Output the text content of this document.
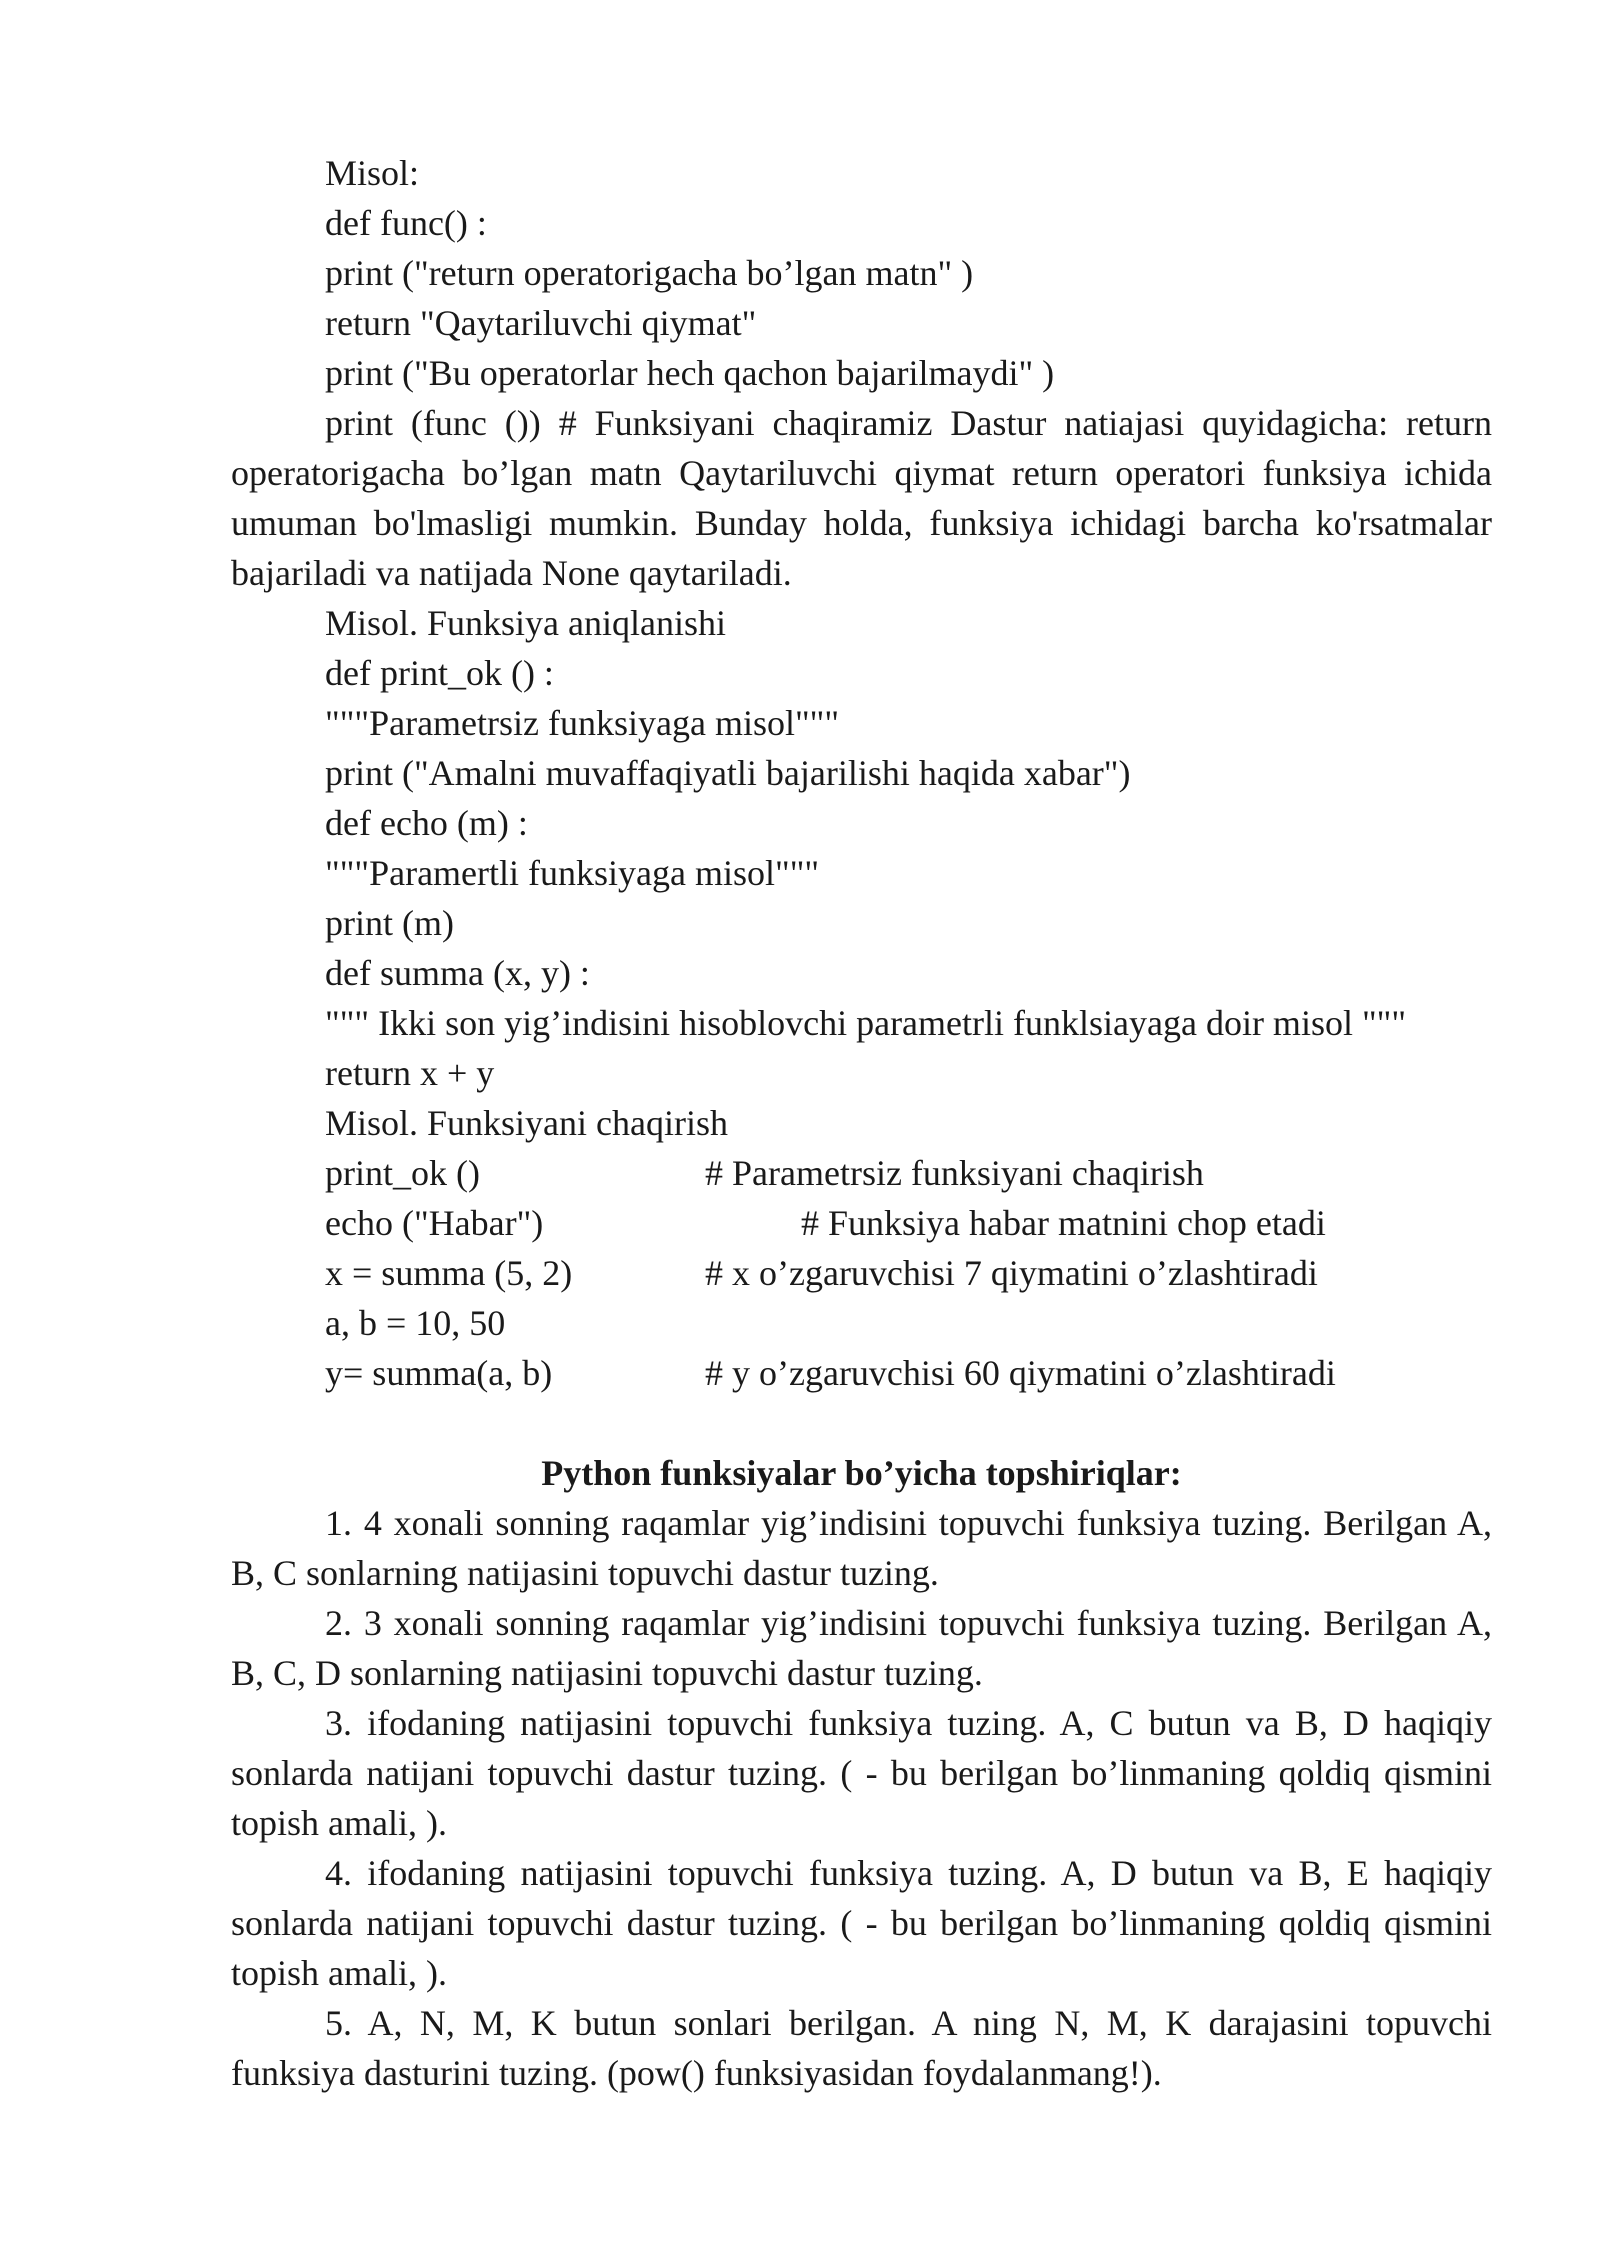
Misol:
def func() :
print ("return operatorigacha bo’lgan matn" )
return "Qaytariluvchi qiymat"
print ("Bu operatorlar hech qachon bajarilmaydi" )

print (func ()) # Funksiyani chaqiramiz Dastur natiajasi quyidagicha: return operatorigacha bo’lgan matn Qaytariluvchi qiymat return operatori funksiya ichida umuman bo'lmasligi mumkin. Bunday holda, funksiya ichidagi barcha ko'rsatmalar bajariladi va natijada None qaytariladi.

Misol. Funksiya aniqlanishi
def print_ok () :
"""Parametrsiz funksiyaga misol"""
print ("Amalni muvaffaqiyatli bajarilishi haqida xabar")
def echo (m) :
"""Paramertli funksiyaga misol"""
print (m)
def summa (x, y) :
""" Ikki son yig’indisini hisoblovchi parametrli funklsiayaga doir misol """
return x + y
Misol. Funksiyani chaqirish
print_ok ()	# Parametrsiz funksiyani chaqirish
echo ("Habar")	# Funksiya habar matnini chop etadi
x = summa (5, 2)	# x o’zgaruvchisi 7 qiymatini o’zlashtiradi
a, b = 10, 50
y= summa(a, b)	# y o’zgaruvchisi 60 qiymatini o’zlashtiradi
Python funksiyalar bo’yicha topshiriqlar:

1. 4 xonali sonning raqamlar yig’indisini topuvchi funksiya tuzing. Berilgan A, B, C sonlarning natijasini topuvchi dastur tuzing.

2. 3 xonali sonning raqamlar yig’indisini topuvchi funksiya tuzing. Berilgan A, B, C, D sonlarning natijasini topuvchi dastur tuzing.

3. ifodaning natijasini topuvchi funksiya tuzing. A, C butun va B, D haqiqiy sonlarda natijani topuvchi dastur tuzing. ( - bu berilgan bo’linmaning qoldiq qismini topish amali, ).

4. ifodaning natijasini topuvchi funksiya tuzing. A, D butun va B, E haqiqiy sonlarda natijani topuvchi dastur tuzing. ( - bu berilgan bo’linmaning qoldiq qismini topish amali, ).

5. A, N, M, K butun sonlari berilgan. A ning N, M, K darajasini topuvchi funksiya dasturini tuzing. (pow() funksiyasidan foydalanmang!).
